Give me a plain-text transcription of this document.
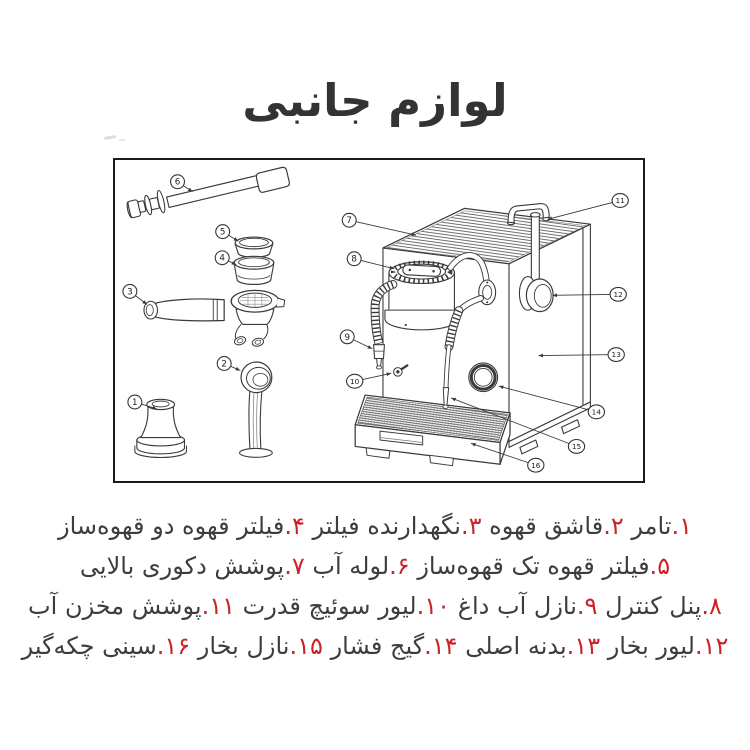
لوازم جانبی
1
2
3
4
5
6
7
8
9
10
11
12
13
14
15
16
۱.تامر ۲.قاشق قهوه ۳.نگهدارنده فیلتر ۴.فیلتر قهوه دو قهوه‌ساز
۵.فیلتر قهوه تک قهوه‌ساز ۶.لوله آب ۷.پوشش دکوری بالایی
۸.پنل کنترل ۹.نازل آب داغ ۱۰.لیور سوئیچ قدرت ۱۱.پوشش مخزن آب
۱۲.لیور بخار ۱۳.بدنه اصلی ۱۴.گیج فشار ۱۵.نازل بخار ۱۶.سینی چکه‌گیر
